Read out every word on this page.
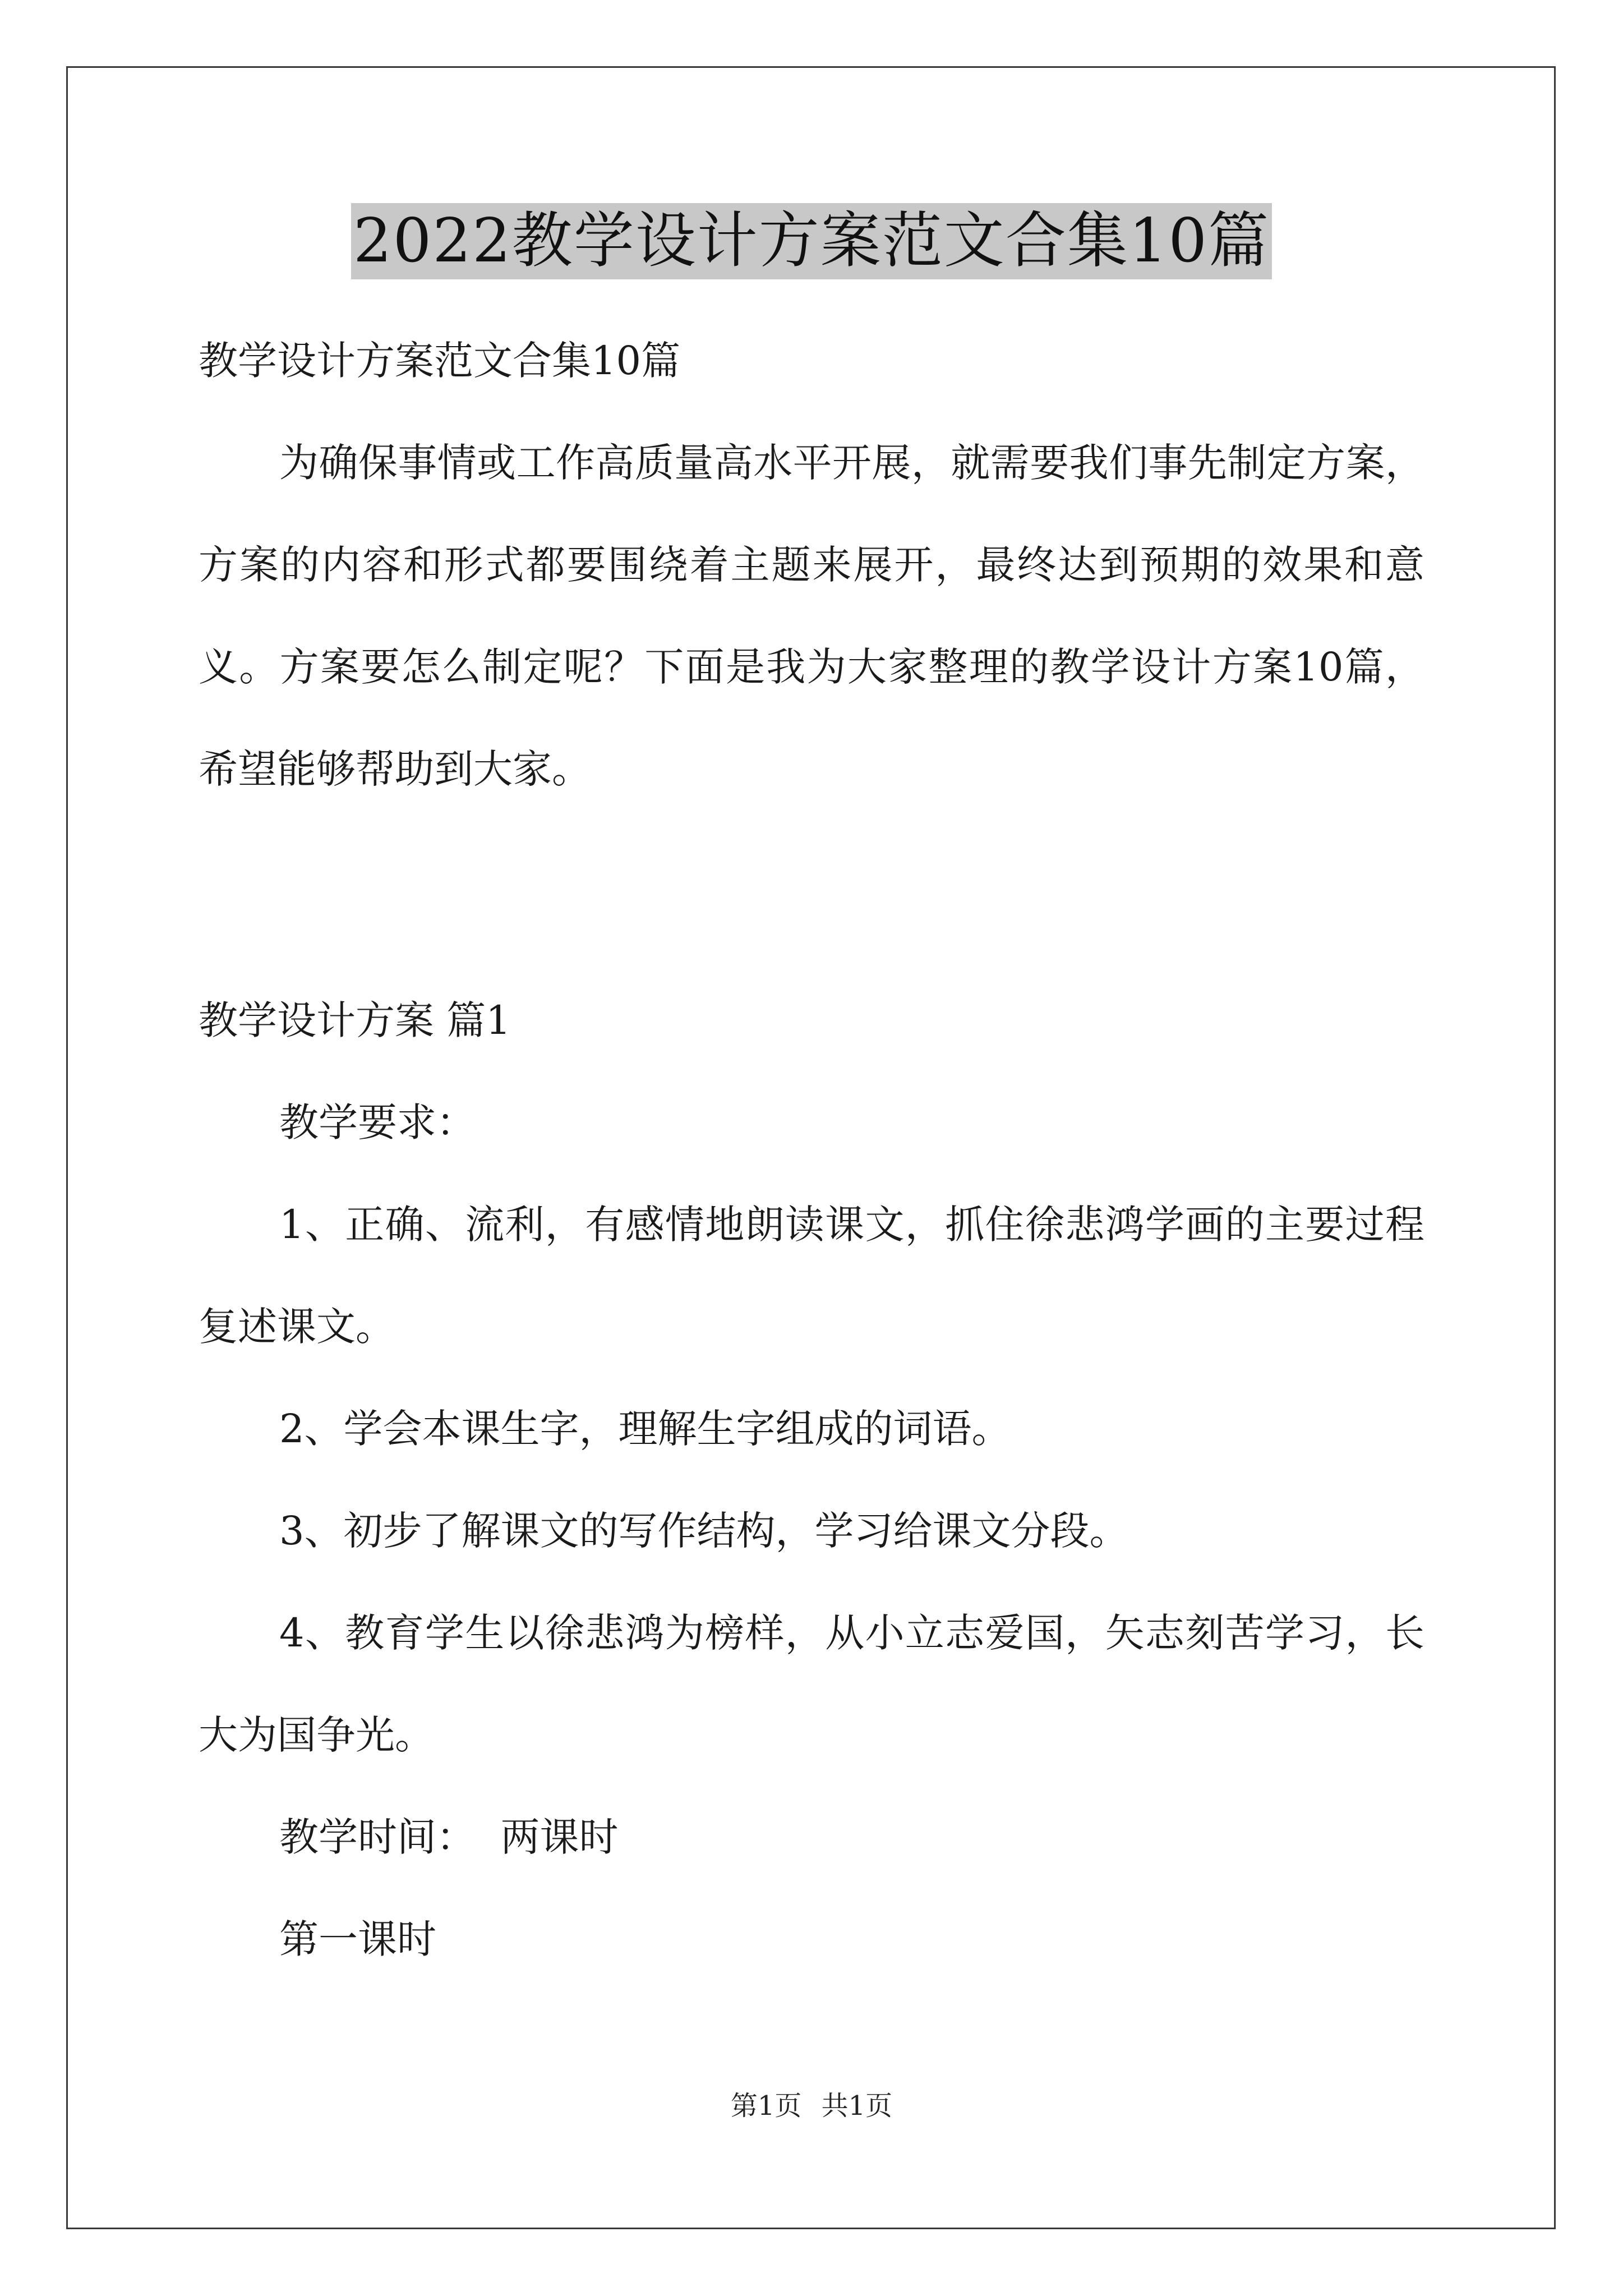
2022教学设计方案范文合集10篇
教学设计方案范文合集10篇
为确保事情或工作高质量高水平开展，就需要我们事先制定方案，
方案的内容和形式都要围绕着主题来展开，最终达到预期的效果和意
义。方案要怎么制定呢？下面是我为大家整理的教学设计方案10篇，
希望能够帮助到大家。
教学设计方案 篇1
教学要求：
1、正确、流利，有感情地朗读课文，抓住徐悲鸿学画的主要过程
复述课文。
2、学会本课生字，理解生字组成的词语。
3、初步了解课文的写作结构，学习给课文分段。
4、教育学生以徐悲鸿为榜样，从小立志爱国，矢志刻苦学习，长
大为国争光。
教学时间：  两课时
第一课时
第1页 共1页
